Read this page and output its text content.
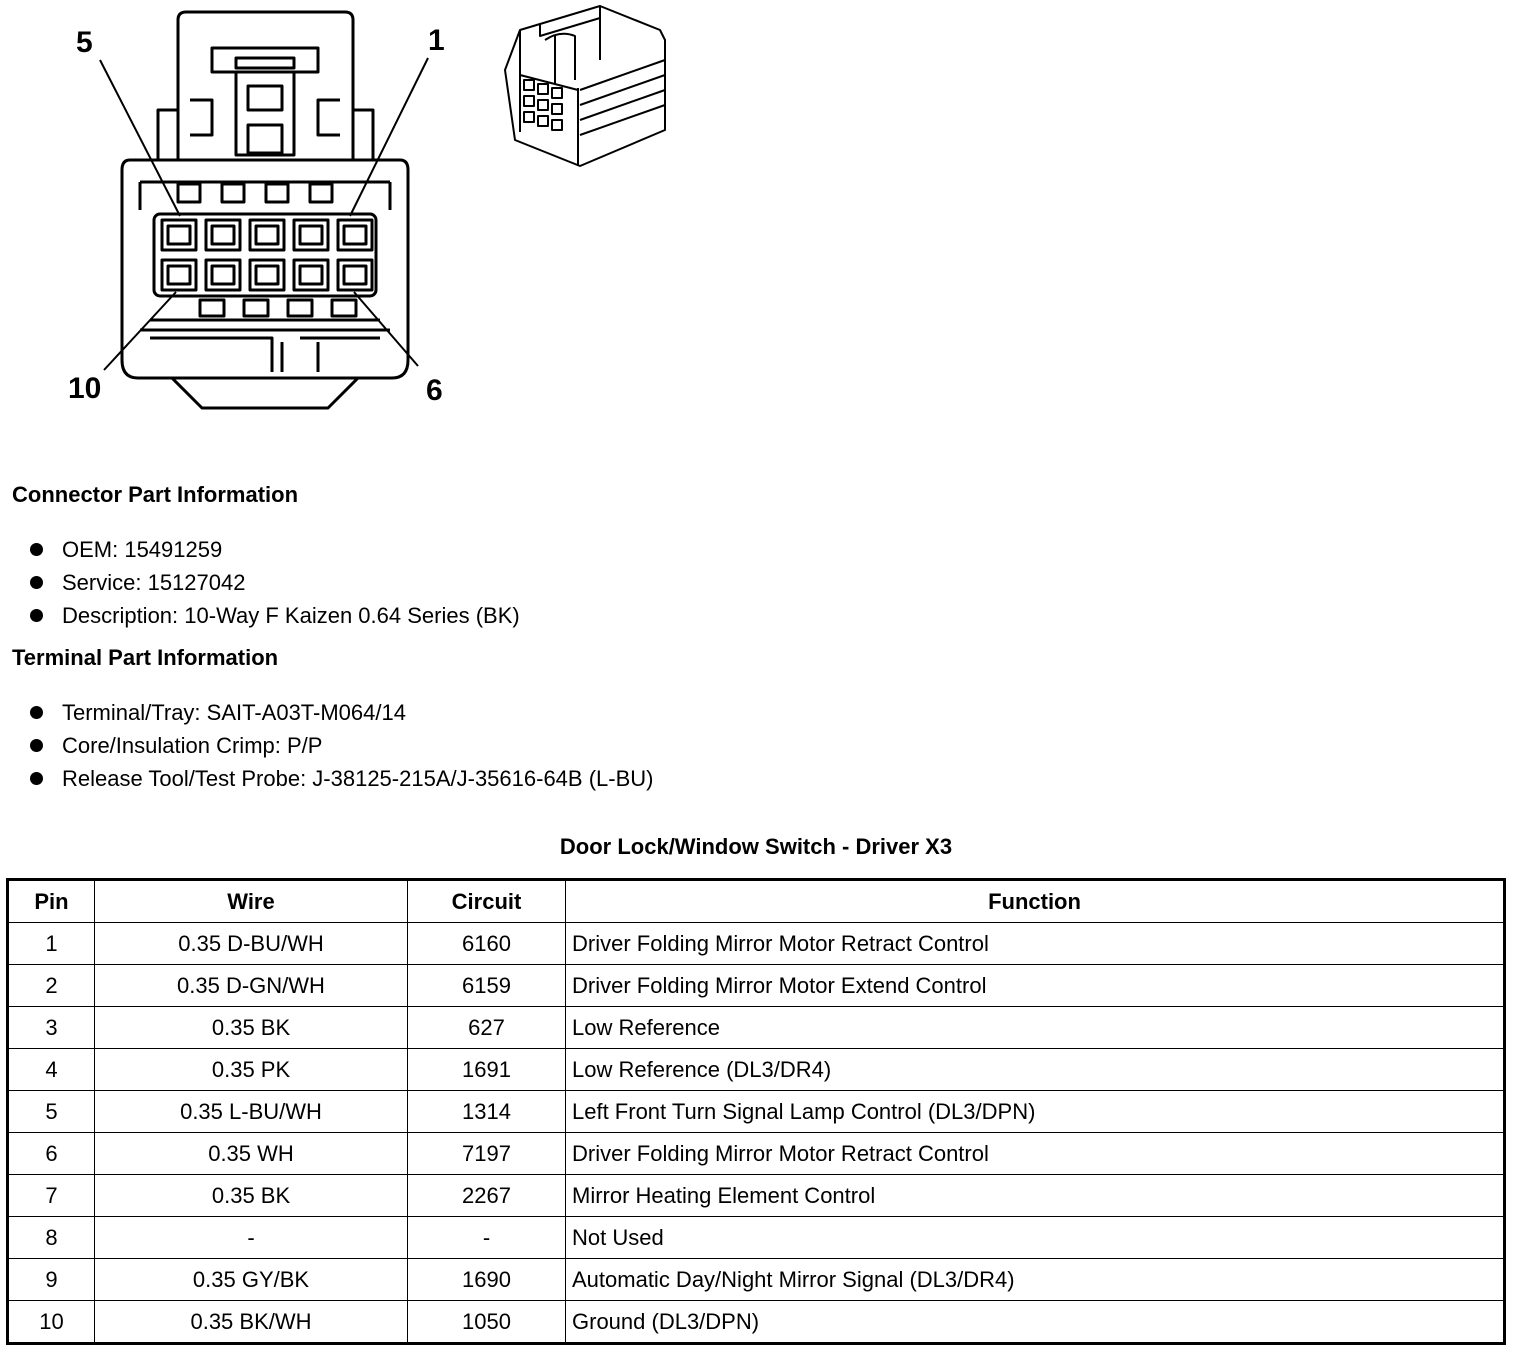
5	1
10	6
Connector Part Information
OEM: 15491259
Service: 15127042
Description: 10-Way F Kaizen 0.64 Series (BK)
Terminal Part Information
Terminal/Tray: SAIT-A03T-M064/14
Core/Insulation Crimp: P/P
Release Tool/Test Probe: J-38125-215A/J-35616-64B (L-BU)
Door Lock/Window Switch - Driver X3
Pin	Wire	Circuit	Function
1	0.35 D-BU/WH	6160	Driver Folding Mirror Motor Retract Control
2	0.35 D-GN/WH	6159	Driver Folding Mirror Motor Extend Control
3	0.35 BK	627	Low Reference
4	0.35 PK	1691	Low Reference (DL3/DR4)
5	0.35 L-BU/WH	1314	Left Front Turn Signal Lamp Control (DL3/DPN)
6	0.35 WH	7197	Driver Folding Mirror Motor Retract Control
7	0.35 BK	2267	Mirror Heating Element Control
8	-	-	Not Used
9	0.35 GY/BK	1690	Automatic Day/Night Mirror Signal (DL3/DR4)
10	0.35 BK/WH	1050	Ground (DL3/DPN)
